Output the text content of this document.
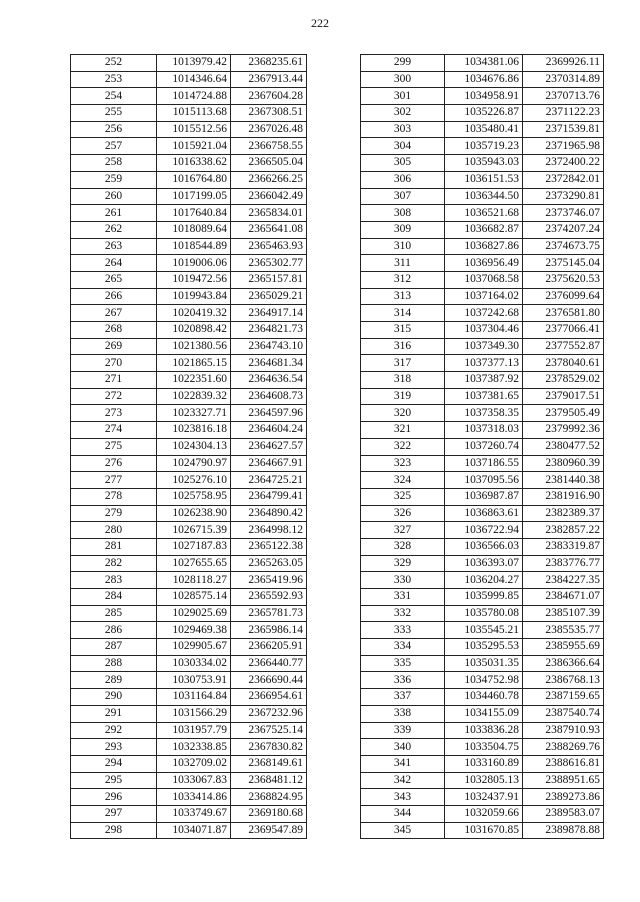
222
252	1013979.42	2368235.61
253	1014346.64	2367913.44
254	1014724.88	2367604.28
255	1015113.68	2367308.51
256	1015512.56	2367026.48
257	1015921.04	2366758.55
258	1016338.62	2366505.04
259	1016764.80	2366266.25
260	1017199.05	2366042.49
261	1017640.84	2365834.01
262	1018089.64	2365641.08
263	1018544.89	2365463.93
264	1019006.06	2365302.77
265	1019472.56	2365157.81
266	1019943.84	2365029.21
267	1020419.32	2364917.14
268	1020898.42	2364821.73
269	1021380.56	2364743.10
270	1021865.15	2364681.34
271	1022351.60	2364636.54
272	1022839.32	2364608.73
273	1023327.71	2364597.96
274	1023816.18	2364604.24
275	1024304.13	2364627.57
276	1024790.97	2364667.91
277	1025276.10	2364725.21
278	1025758.95	2364799.41
279	1026238.90	2364890.42
280	1026715.39	2364998.12
281	1027187.83	2365122.38
282	1027655.65	2365263.05
283	1028118.27	2365419.96
284	1028575.14	2365592.93
285	1029025.69	2365781.73
286	1029469.38	2365986.14
287	1029905.67	2366205.91
288	1030334.02	2366440.77
289	1030753.91	2366690.44
290	1031164.84	2366954.61
291	1031566.29	2367232.96
292	1031957.79	2367525.14
293	1032338.85	2367830.82
294	1032709.02	2368149.61
295	1033067.83	2368481.12
296	1033414.86	2368824.95
297	1033749.67	2369180.68
298	1034071.87	2369547.89
299	1034381.06	2369926.11
300	1034676.86	2370314.89
301	1034958.91	2370713.76
302	1035226.87	2371122.23
303	1035480.41	2371539.81
304	1035719.23	2371965.98
305	1035943.03	2372400.22
306	1036151.53	2372842.01
307	1036344.50	2373290.81
308	1036521.68	2373746.07
309	1036682.87	2374207.24
310	1036827.86	2374673.75
311	1036956.49	2375145.04
312	1037068.58	2375620.53
313	1037164.02	2376099.64
314	1037242.68	2376581.80
315	1037304.46	2377066.41
316	1037349.30	2377552.87
317	1037377.13	2378040.61
318	1037387.92	2378529.02
319	1037381.65	2379017.51
320	1037358.35	2379505.49
321	1037318.03	2379992.36
322	1037260.74	2380477.52
323	1037186.55	2380960.39
324	1037095.56	2381440.38
325	1036987.87	2381916.90
326	1036863.61	2382389.37
327	1036722.94	2382857.22
328	1036566.03	2383319.87
329	1036393.07	2383776.77
330	1036204.27	2384227.35
331	1035999.85	2384671.07
332	1035780.08	2385107.39
333	1035545.21	2385535.77
334	1035295.53	2385955.69
335	1035031.35	2386366.64
336	1034752.98	2386768.13
337	1034460.78	2387159.65
338	1034155.09	2387540.74
339	1033836.28	2387910.93
340	1033504.75	2388269.76
341	1033160.89	2388616.81
342	1032805.13	2388951.65
343	1032437.91	2389273.86
344	1032059.66	2389583.07
345	1031670.85	2389878.88
